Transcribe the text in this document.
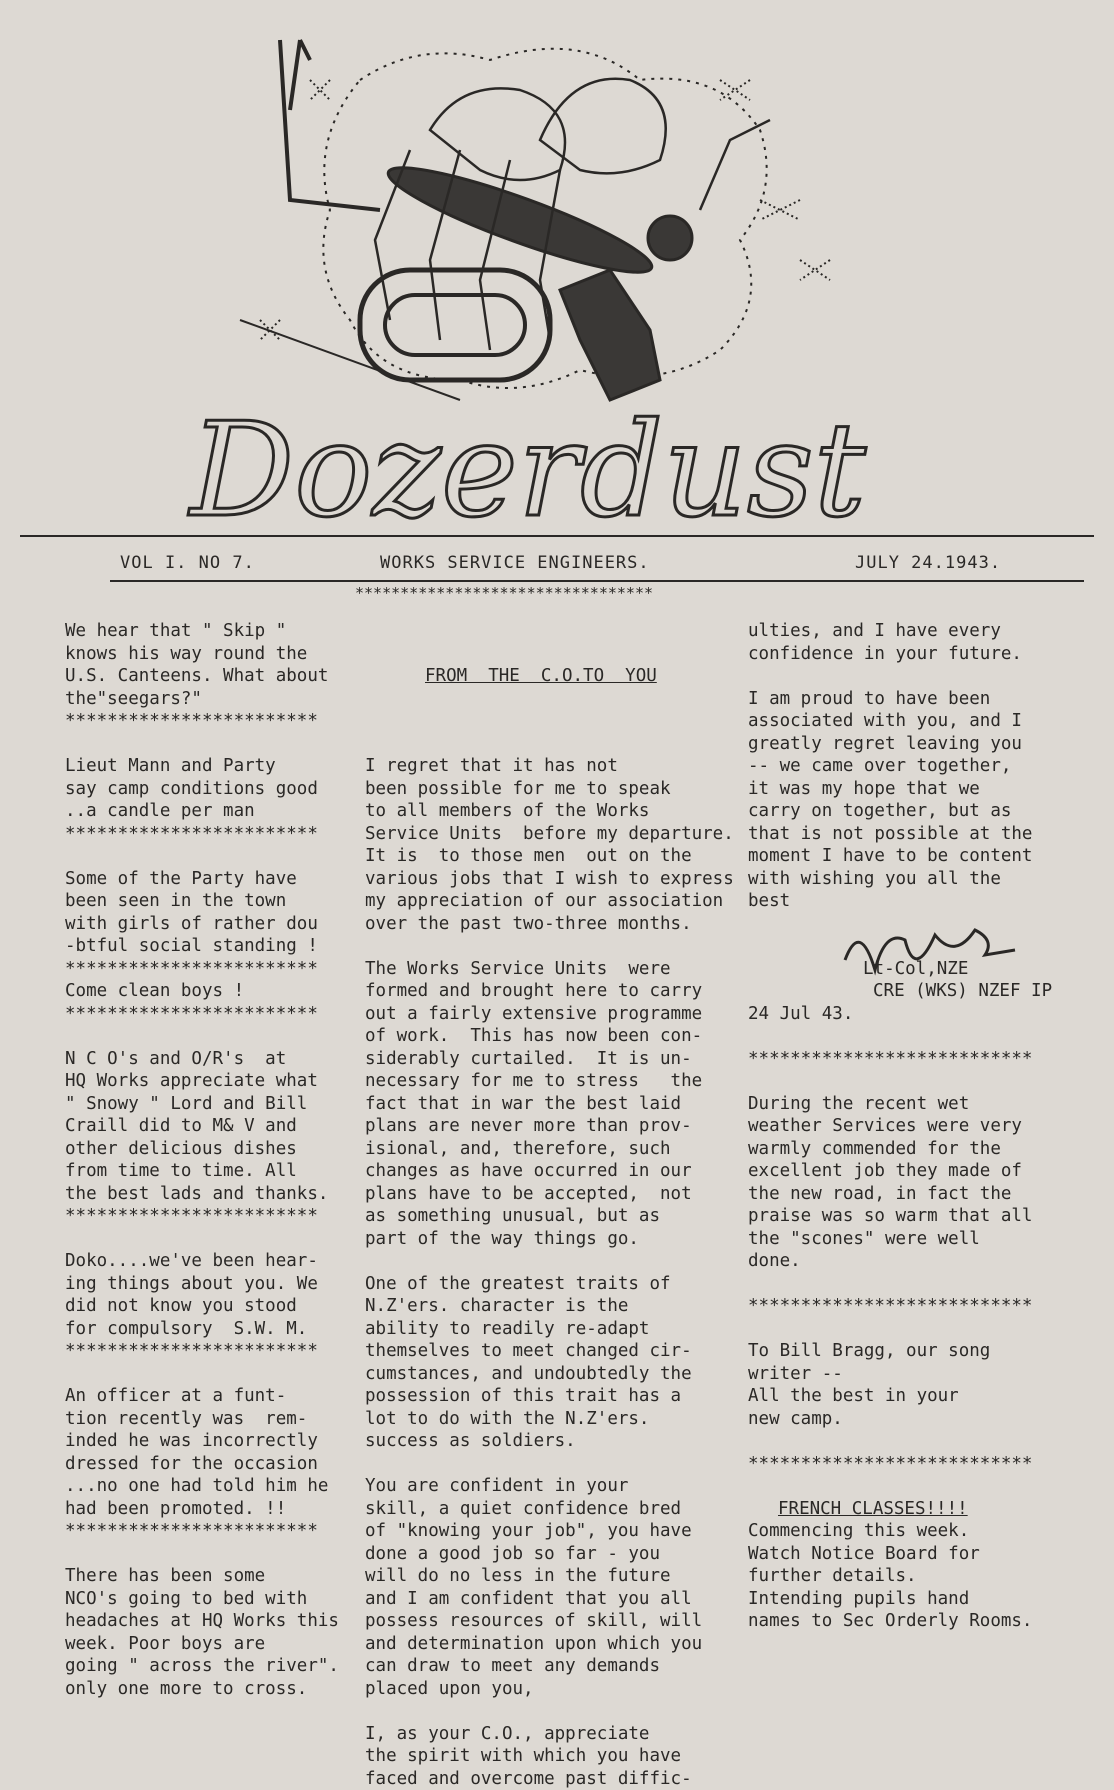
Dozerdust
VOL I. NO 7.	WORKS SERVICE ENGINEERS.	JULY 24.1943.
*********************************

We hear that " Skip "

knows his way round the

U.S. Canteens. What about

the"seegars?"

************************

Lieut Mann and Party

say camp conditions good

..a candle per man

************************

Some of the Party have

been seen in the town

with girls of rather dou

-btful social standing !

************************

Come clean boys !

************************

N C O's and O/R's  at

HQ Works appreciate what

" Snowy " Lord and Bill

Craill did to M& V and

other delicious dishes

from time to time. All

the best lads and thanks.

************************

Doko....we've been hear-

ing things about you. We

did not know you stood

for compulsory  S.W. M.

************************

An officer at a funt-

tion recently was  rem-

inded he was incorrectly

dressed for the occasion

...no one had told him he

had been promoted. !!

************************

There has been some

NCO's going to bed with

headaches at HQ Works this

week. Poor boys are

going " across the river".

only one more to cross.

FROM  THE  C.O.TO  YOU

I regret that it has not

been possible for me to speak

to all members of the Works

Service Units  before my departure.

It is  to those men  out on the

various jobs that I wish to express

my appreciation of our association

over the past two-three months.

The Works Service Units  were

formed and brought here to carry

out a fairly extensive programme

of work.  This has now been con-

siderably curtailed.  It is un-

necessary for me to stress   the

fact that in war the best laid

plans are never more than prov-

isional, and, therefore, such

changes as have occurred in our

plans have to be accepted,  not

as something unusual, but as

part of the way things go.

One of the greatest traits of

N.Z'ers. character is the

ability to readily re-adapt

themselves to meet changed cir-

cumstances, and undoubtedly the

possession of this trait has a

lot to do with the N.Z'ers.

success as soldiers.

You are confident in your

skill, a quiet confidence bred

of "knowing your job", you have

done a good job so far - you

will do no less in the future

and I am confident that you all

possess resources of skill, will

and determination upon which you

can draw to meet any demands

placed upon you,

I, as your C.O., appreciate

the spirit with which you have

faced and overcome past diffic-

ulties, and I have every

confidence in your future.

I am proud to have been

associated with you, and I

greatly regret leaving you

-- we came over together,

it was my hope that we

carry on together, but as

that is not possible at the

moment I have to be content

with wishing you all the

best

Lt-Col,NZE

CRE (WKS) NZEF IP

24 Jul 43.

***************************

During the recent wet

weather Services were very

warmly commended for the

excellent job they made of

the new road, in fact the

praise was so warm that all

the "scones" were well

done.

***************************

To Bill Bragg, our song

writer --

All the best in your

new camp.

***************************

FRENCH CLASSES!!!!

Commencing this week.

Watch Notice Board for

further details.

Intending pupils hand

names to Sec Orderly Rooms.
